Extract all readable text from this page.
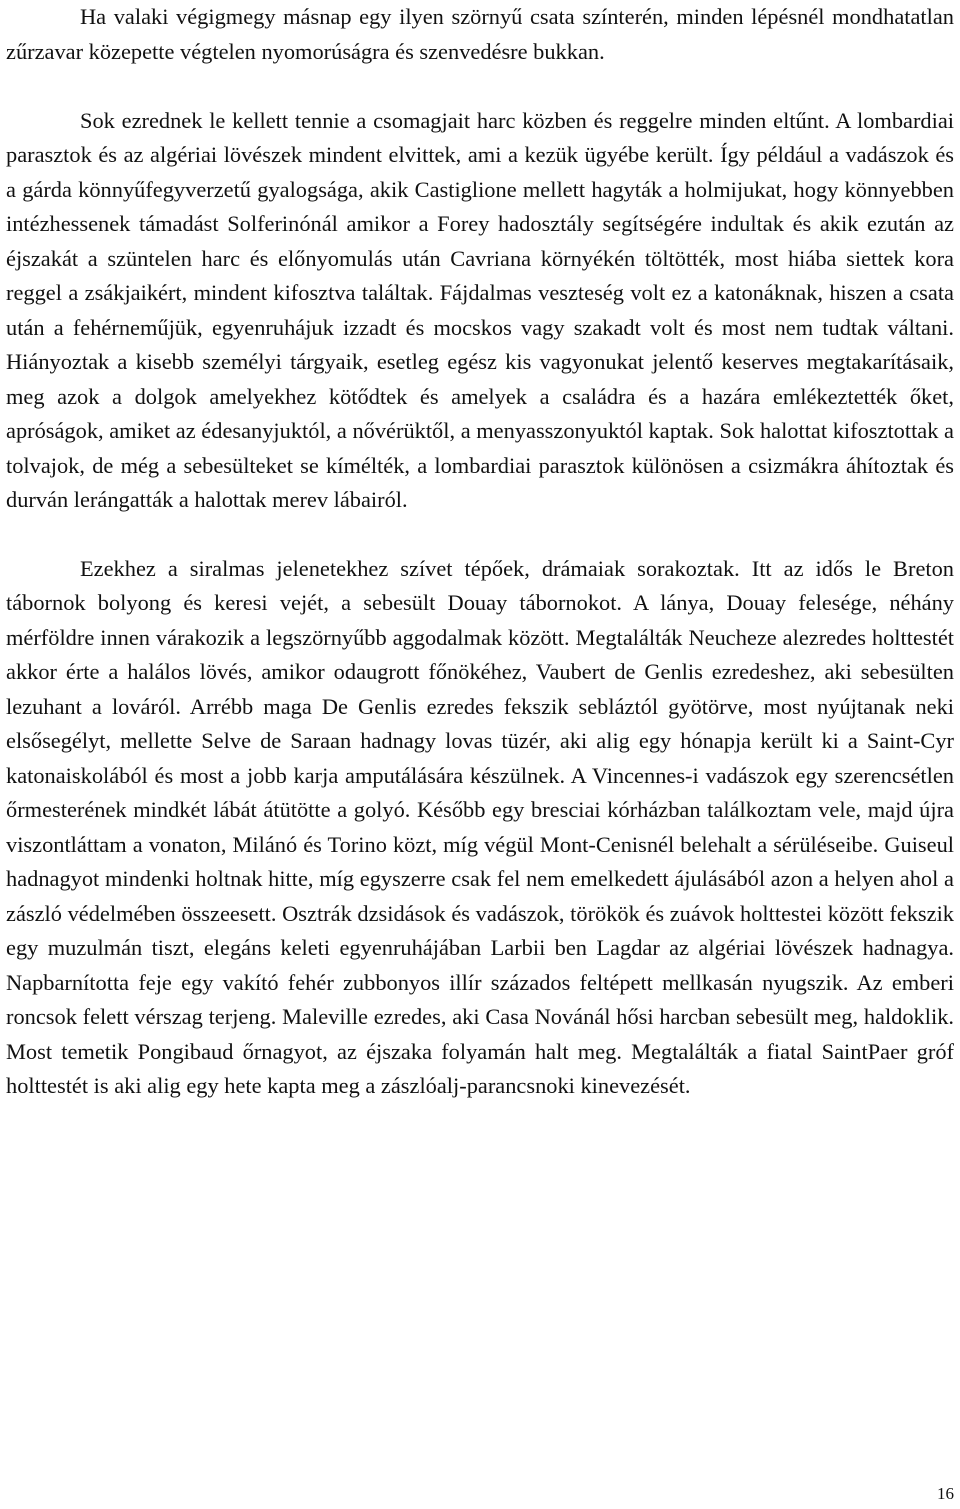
Ha valaki végigmegy másnap egy ilyen szörnyű csata színterén, minden lépésnél mondhatatlan zűrzavar közepette végtelen nyomorúságra és szenvedésre bukkan.

Sok ezrednek le kellett tennie a csomagjait harc közben és reggelre minden eltűnt. A lombardiai parasztok és az algériai lövészek mindent elvittek, ami a kezük ügyébe került. Így például a vadászok és a gárda könnyűfegyverzetű gyalogsága, akik Castiglione mellett hagyták a holmijukat, hogy könnyebben intézhessenek támadást Solferinónál amikor a Forey hadosztály segítségére indultak és akik ezután az éjszakát a szüntelen harc és előnyomulás után Cavriana környékén töltötték, most hiába siettek kora reggel a zsákjaikért, mindent kifosztva találtak. Fájdalmas veszteség volt ez a katonáknak, hiszen a csata után a fehérneműjük, egyenruhájuk izzadt és mocskos vagy szakadt volt és most nem tudtak váltani. Hiányoztak a kisebb személyi tárgyaik, esetleg egész kis vagyonukat jelentő keserves megtakarításaik, meg azok a dolgok amelyekhez kötődtek és amelyek a családra és a hazára emlékeztették őket, apróságok, amiket az édesanyjuktól, a nővérüktől, a menyasszonyuktól kaptak. Sok halottat kifosztottak a tolvajok, de még a sebesülteket se kímélték, a lombardiai parasztok különösen a csizmákra áhítoztak és durván lerángatták a halottak merev lábairól.

Ezekhez a siralmas jelenetekhez szívet tépőek, drámaiak sorakoztak. Itt az idős le Breton tábornok bolyong és keresi vejét, a sebesült Douay tábornokot. A lánya, Douay felesége, néhány mérföldre innen várakozik a legszörnyűbb aggodalmak között. Megtalálták Neucheze alezredes holttestét akkor érte a halálos lövés, amikor odaugrott főnökéhez, Vaubert de Genlis ezredeshez, aki sebesülten lezuhant a lováról. Arrébb maga De Genlis ezredes fekszik sebláztól gyötörve, most nyújtanak neki elsősegélyt, mellette Selve de Saraan hadnagy lovas tüzér, aki alig egy hónapja került ki a Saint-Cyr katonaiskolából és most a jobb karja amputálására készülnek. A Vincennes-i vadászok egy szerencsétlen őrmesterének mindkét lábát átütötte a golyó. Később egy bresciai kórházban találkoztam vele, majd újra viszontláttam a vonaton, Milánó és Torino közt, míg végül Mont-Cenisnél belehalt a sérüléseibe. Guiseul hadnagyot mindenki holtnak hitte, míg egyszerre csak fel nem emelkedett ájulásából azon a helyen ahol a zászló védelmében összeesett. Osztrák dzsidások és vadászok, törökök és zuávok holttestei között fekszik egy muzulmán tiszt, elegáns keleti egyenruhájában Larbii ben Lagdar az algériai lövészek hadnagya. Napbarnította feje egy vakító fehér zubbonyos illír százados feltépett mellkasán nyugszik. Az emberi roncsok felett vérszag terjeng. Maleville ezredes, aki Casa Novánál hősi harcban sebesült meg, haldoklik. Most temetik Pongibaud őrnagyot, az éjszaka folyamán halt meg. Megtalálták a fiatal SaintPaer gróf holttestét is aki alig egy hete kapta meg a zászlóalj-parancsnoki kinevezését.

16
